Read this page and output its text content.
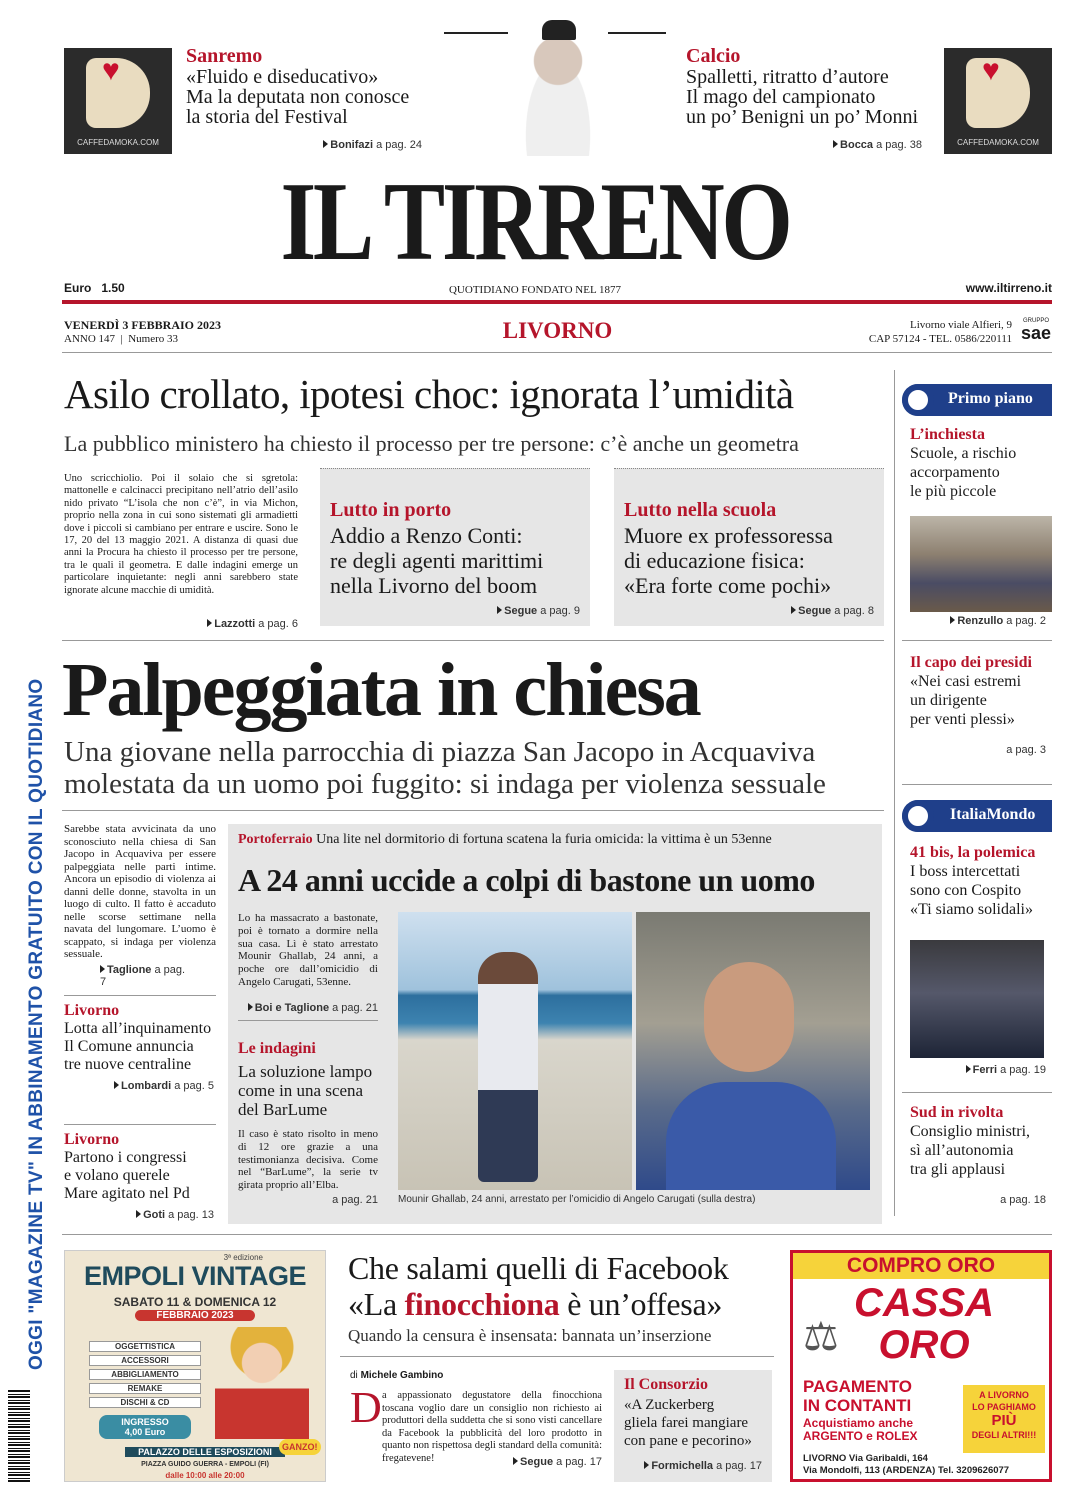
♥
CAFFEDAMOKA.COM
♥
CAFFEDAMOKA.COM
Sanremo
«Fluido e diseducativo»
Ma la deputata non conosce
la storia del Festival
Bonifazi a pag. 24
Calcio
Spalletti, ritratto d’autore
Il mago del campionato
un po’ Benigni un po’ Monni
Bocca a pag. 38
IL TIRRENO
Euro 1.50	QUOTIDIANO FONDATO NEL 1877	www.iltirreno.it
VENERDÌ 3 FEBBRAIO 2023
ANNO 147  |  Numero 33	LIVORNO	Livorno viale Alfieri, 9
CAP 57124 - TEL. 0586/220111
GRUPPO
sae
OGGI "MAGAZINE TV" IN ABBINAMENTO GRATUITO CON IL QUOTIDIANO
Asilo crollato, ipotesi choc: ignorata l’umidità
La pubblico ministero ha chiesto il processo per tre persone: c’è anche un geometra
Uno scricchiolio. Poi il solaio che si sgretola: mattonelle e calcinacci precipitano nell’atrio dell’asilo nido privato “L’isola che non c’è”, in via Michon, proprio nella zona in cui sono sistemati gli armadietti dove i piccoli si cambiano per entrare e uscire. Sono le 17, 20 del 13 maggio 2021. A distanza di quasi due anni la Procura ha chiesto il processo per tre persone, tra le quali il geometra. E dalle indagini emerge un particolare inquietante: negli anni sarebbero state ignorate alcune macchie di umidità.
Lazzotti a pag. 6
Lutto in porto
Addio a Renzo Conti:
re degli agenti marittimi
nella Livorno del boom
Segue a pag. 9
Lutto nella scuola
Muore ex professoressa
di educazione fisica:
«Era forte come pochi»
Segue a pag. 8
Palpeggiata in chiesa
Una giovane nella parrocchia di piazza San Jacopo in Acquaviva
molestata da un uomo poi fuggito: si indaga per violenza sessuale
Sarebbe stata avvicinata da uno sconosciuto nella chiesa di San Jacopo in Acquaviva per essere palpeggiata nelle parti intime. Ancora un episodio di violenza ai danni delle donne, stavolta in un luogo di culto. Il fatto è accaduto nelle scorse settimane nella navata del lungomare. L’uomo è scappato, si indaga per violenza sessuale.
Taglione a pag. 7
Livorno
Lotta all’inquinamento
Il Comune annuncia
tre nuove centraline
Lombardi a pag. 5
Livorno
Partono i congressi
e volano querele
Mare agitato nel Pd
Goti a pag. 13
Portoferraio Una lite nel dormitorio di fortuna scatena la furia omicida: la vittima è un 53enne
A 24 anni uccide a colpi di bastone un uomo
Lo ha massacrato a bastonate, poi è tornato a dormire nella sua casa. Lì è stato arrestato Mounir Ghallab, 24 anni, a poche ore dall’omicidio di Angelo Carugati, 53enne.
Boi e Taglione a pag. 21
Le indagini
La soluzione lampo
come in una scena
del BarLume
Il caso è stato risolto in meno di 12 ore grazie a una testimonianza decisiva. Come nel “BarLume”, la serie tv girata proprio all’Elba.
a pag. 21 Mounir Ghallab, 24 anni, arrestato per l’omicidio di Angelo Carugati (sulla destra)
Primo piano
L’inchiesta
Scuole, a rischio
accorpamento
le più piccole
Renzullo a pag. 2
Il capo dei presidi
«Nei casi estremi
un dirigente
per venti plessi»
a pag. 3
ItaliaMondo
41 bis, la polemica
I boss intercettati
sono con Cospito
«Ti siamo solidali»
Ferri a pag. 19
Sud in rivolta
Consiglio ministri,
sì all’autonomia
tra gli applausi
a pag. 18
3ª edizione
EMPOLI VINTAGE
SABATO 11 & DOMENICA 12
FEBBRAIO 2023
OGGETTISTICA
ACCESSORI
ABBIGLIAMENTO
REMAKE
DISCHI & CD
INGRESSO
4,00 Euro
PALAZZO DELLE ESPOSIZIONI	GANZO!
PIAZZA GUIDO GUERRA - EMPOLI (FI)
dalle 10:00 alle 20:00
Che salami quelli di Facebook
«La finocchiona è un’offesa»
Quando la censura è insensata: bannata un’inserzione
di Michele Gambino
D a appassionato degustatore della finocchiona toscana voglio dare un consiglio non richiesto ai produttori della suddetta che si sono visti cancellare da Facebook la pubblicità del loro prodotto in quanto non rispettosa degli standard della comunità: fregatevene!	Segue a pag. 17
Il Consorzio
«A Zuckerberg
gliela farei mangiare
con pane e pecorino»
Formichella a pag. 17
COMPRO ORO
⚖
CASSA
ORO
PAGAMENTO
IN CONTANTI
Acquistiamo anche
ARGENTO e ROLEX
A LIVORNO
LO PAGHIAMO
PIÙ
DEGLI ALTRI!!!
LIVORNO Via Garibaldi, 164
Via Mondolfi, 113 (ARDENZA) Tel. 3209626077
